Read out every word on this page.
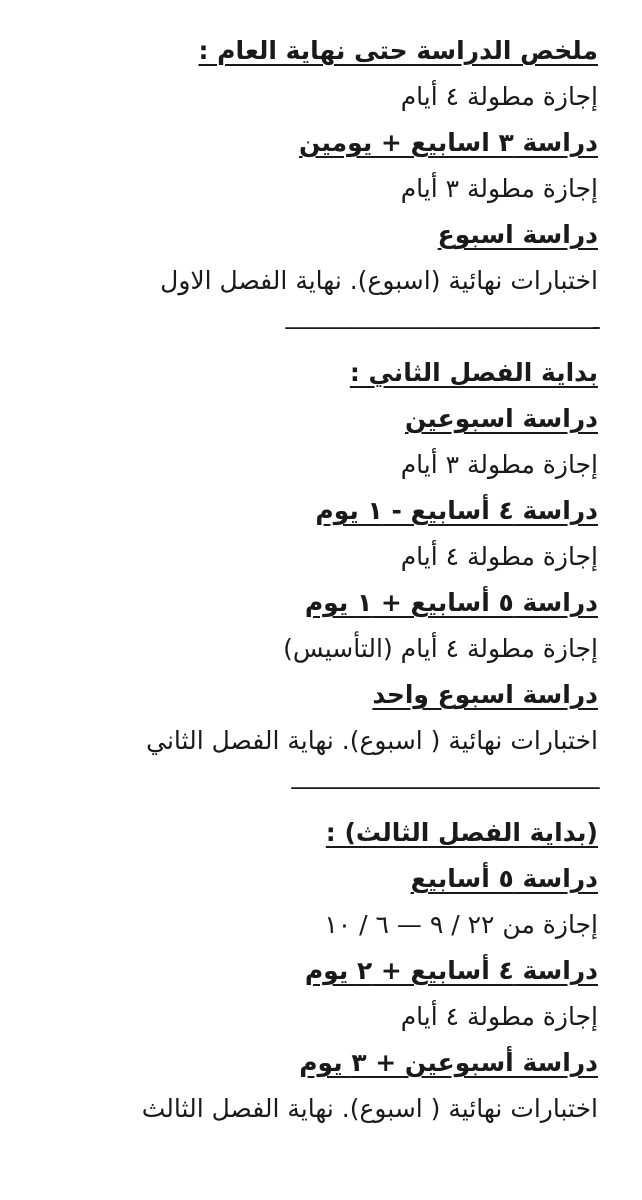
ملخص الدراسة حتى نهاية العام :
إجازة مطولة ٤ أيام
دراسة ٣ اسابيع + يومين
إجازة مطولة ٣ أيام
دراسة اسبوع
اختبارات نهائية (اسبوع). نهاية الفصل الاول
——————————————-
بداية الفصل الثاني :
دراسة اسبوعين
إجازة مطولة ٣ أيام
دراسة ٤ أسابيع - ١ يوم
إجازة مطولة ٤ أيام
دراسة ٥ أسابيع + ١ يوم
إجازة مطولة ٤ أيام (التأسيس)
دراسة اسبوع واحد
اختبارات نهائية ( اسبوع). نهاية الفصل الثاني
——————————————
(بداية الفصل الثالث) :
دراسة ٥ أسابيع
إجازة من ٢٢ / ٩ — ٦ / ١٠
دراسة ٤ أسابيع + ٢ يوم
إجازة مطولة ٤ أيام
دراسة أسبوعين + ٣ يوم
اختبارات نهائية ( اسبوع). نهاية الفصل الثالث
